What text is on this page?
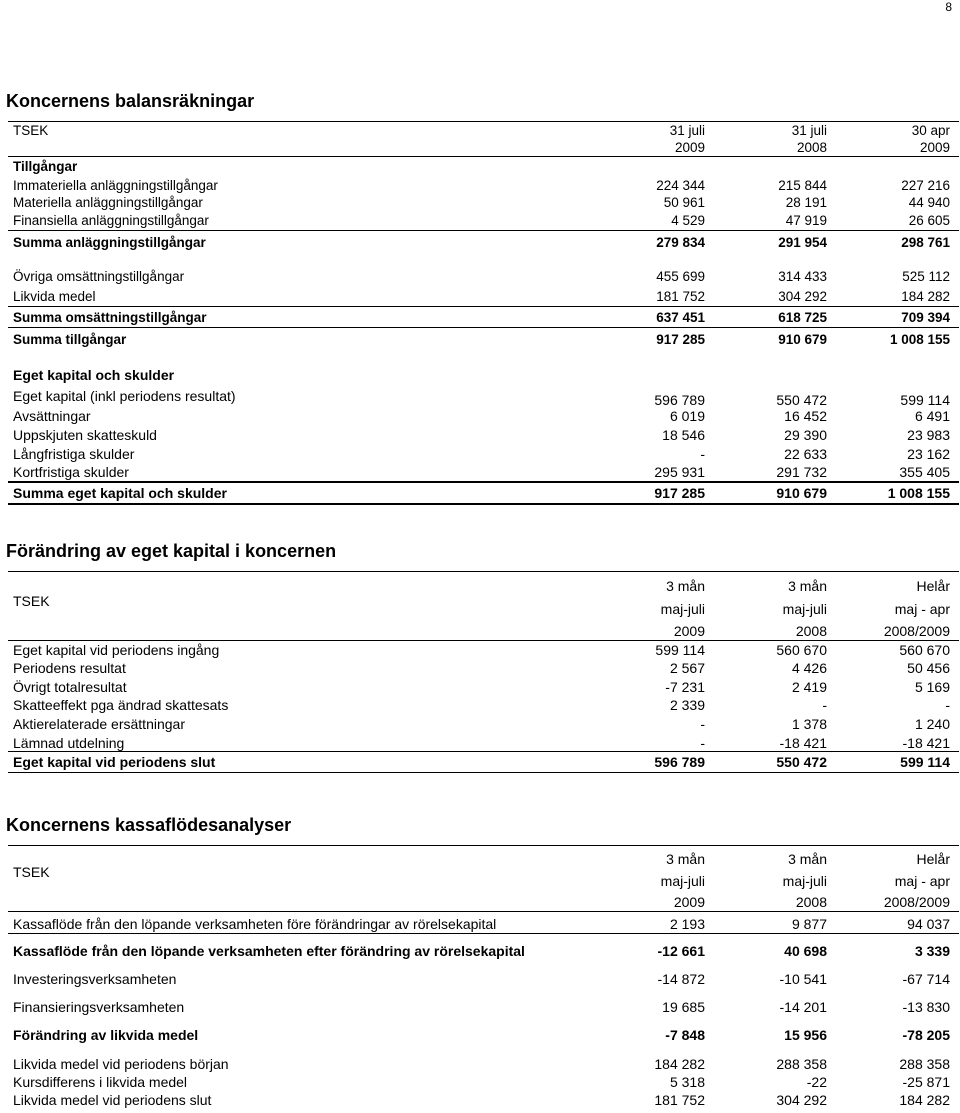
8
Koncernens balansräkningar
TSEK	31 juli	31 juli	30 apr
2009	2008	2009
Tillgångar
Immateriella anläggningstillgångar	224 344	215 844	227 216
Materiella anläggningstillgångar	50 961	28 191	44 940
Finansiella anläggningstillgångar	4 529	47 919	26 605
Summa anläggningstillgångar	279 834	291 954	298 761
Övriga omsättningstillgångar	455 699	314 433	525 112
Likvida medel	181 752	304 292	184 282
Summa omsättningstillgångar	637 451	618 725	709 394
Summa tillgångar	917 285	910 679	1 008 155
Eget kapital och skulder
Eget kapital (inkl periodens resultat)	596 789	550 472	599 114
Avsättningar	6 019	16 452	6 491
Uppskjuten skatteskuld	18 546	29 390	23 983
Långfristiga skulder	-	22 633	23 162
Kortfristiga skulder	295 931	291 732	355 405
Summa eget kapital och skulder	917 285	910 679	1 008 155
Förändring av eget kapital i koncernen
3 mån	3 mån	Helår
TSEK	maj-juli	maj-juli	maj - apr
2009	2008	2008/2009
Eget kapital vid periodens ingång	599 114	560 670	560 670
Periodens resultat	2 567	4 426	50 456
Övrigt totalresultat	-7 231	2 419	5 169
Skatteeffekt pga ändrad skattesats	2 339	-	-
Aktierelaterade ersättningar	-	1 378	1 240
Lämnad utdelning	-	-18 421	-18 421
Eget kapital vid periodens slut	596 789	550 472	599 114
Koncernens kassaflödesanalyser
3 mån	3 mån	Helår
TSEK
maj-juli	maj-juli	maj - apr
2009	2008	2008/2009
Kassaflöde från den löpande verksamheten före förändringar av rörelsekapital	2 193	9 877	94 037
Kassaflöde från den löpande verksamheten efter förändring av rörelsekapital	-12 661	40 698	3 339
Investeringsverksamheten	-14 872	-10 541	-67 714
Finansieringsverksamheten	19 685	-14 201	-13 830
Förändring av likvida medel	-7 848	15 956	-78 205
Likvida medel vid periodens början	184 282	288 358	288 358
Kursdifferens i likvida medel	5 318	-22	-25 871
Likvida medel vid periodens slut	181 752	304 292	184 282
